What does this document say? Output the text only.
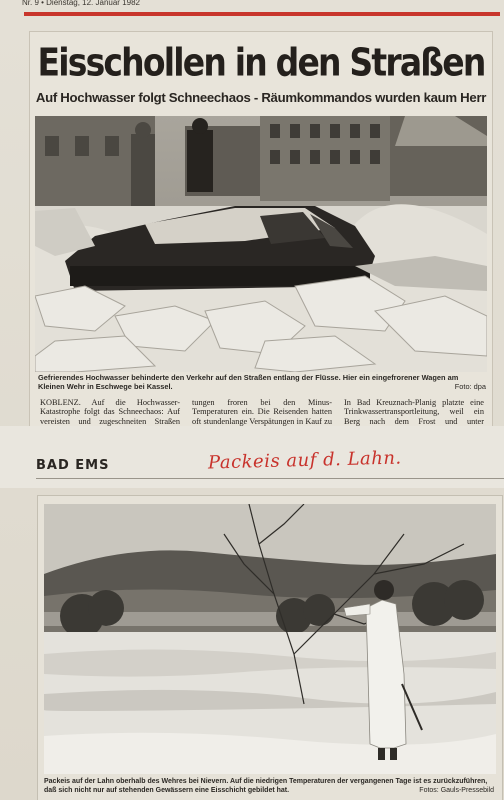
Nr. 9 • Dienstag, 12. Januar 1982
Eisschollen in den Straßen
Auf Hochwasser folgt Schneechaos - Räumkommandos wurden kaum Herr
Gefrierendes Hochwasser behinderte den Verkehr auf den Straßen entlang der Flüsse. Hier ein eingefrorener Wagen am Kleinen Wehr in Eschwege bei Kassel.	Foto: dpa

KOBLENZ. Auf die Hochwasser-Katastrophe folgt das Schneechaos: Auf vereisten und zugeschneiten Straßen

tungen froren bei den Minus-Temperaturen ein. Die Reisenden hatten oft stundenlange Verspätungen in Kauf zu

In Bad Kreuznach-Planig platzte eine Trinkwassertransportleitung, weil ein Berg nach dem Frost und unter

BAD EMS	Packeis auf d. Lahn.
Packeis auf der Lahn oberhalb des Wehres bei Nievern. Auf die niedrigen Temperaturen der vergangenen Tage ist es zurückzuführen, daß sich nicht nur auf stehenden Gewässern eine Eisschicht gebildet hat.	Fotos: Gauls-Pressebild
